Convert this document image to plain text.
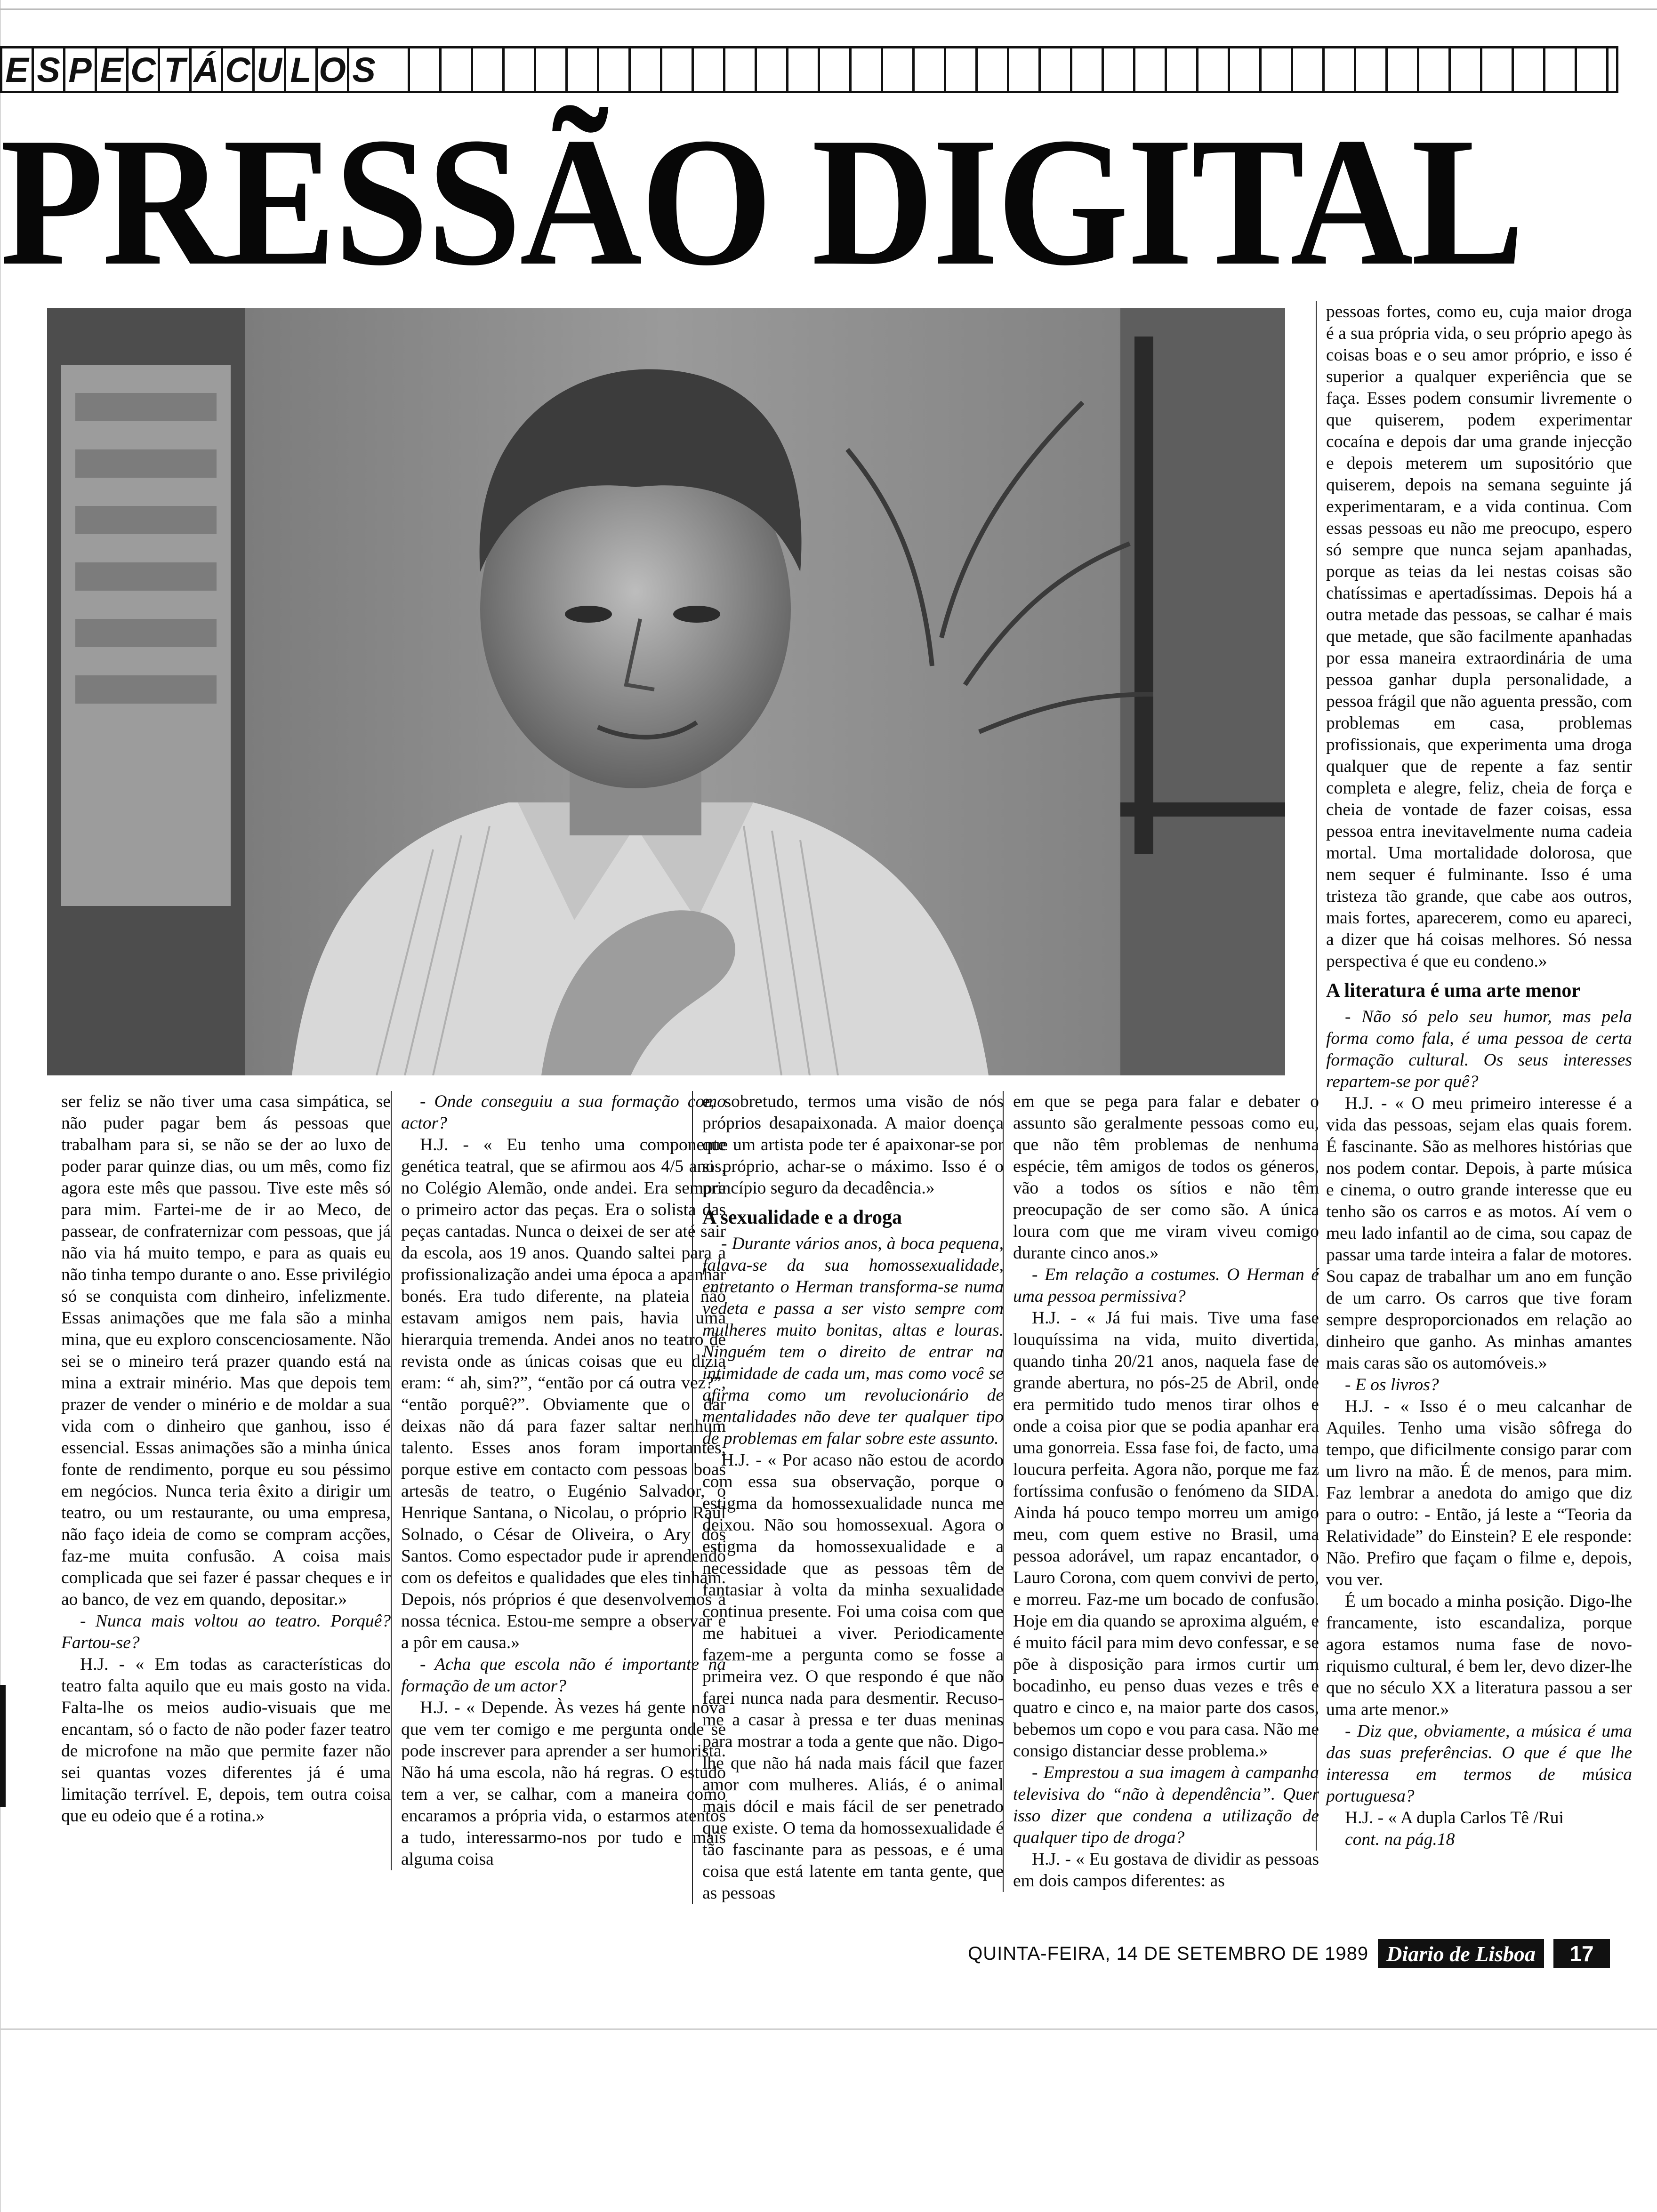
E S P E C T Á C U L O S
PRESSÃO DIGITAL

ser feliz se não tiver uma casa simpática, se não puder pagar bem ás pessoas que trabalham para si, se não se der ao luxo de poder parar quinze dias, ou um mês, como fiz agora este mês que passou. Tive este mês só para mim. Fartei-me de ir ao Meco, de passear, de confraternizar com pessoas, que já não via há muito tempo, e para as quais eu não tinha tempo durante o ano. Esse privilégio só se conquista com dinheiro, infelizmente. Essas animações que me fala são a minha mina, que eu exploro conscenciosamente. Não sei se o mineiro terá prazer quando está na mina a extrair minério. Mas que depois tem prazer de vender o minério e de moldar a sua vida com o dinheiro que ganhou, isso é essencial. Essas animações são a minha única fonte de rendimento, porque eu sou péssimo em negócios. Nunca teria êxito a dirigir um teatro, ou um restaurante, ou uma empresa, não faço ideia de como se compram acções, faz-me muita confusão. A coisa mais complicada que sei fazer é passar cheques e ir ao banco, de vez em quando, depositar.»

- Nunca mais voltou ao teatro. Porquê? Fartou-se?

H.J. - « Em todas as características do teatro falta aquilo que eu mais gosto na vida. Falta-lhe os meios audio-visuais que me encantam, só o facto de não poder fazer teatro de microfone na mão que permite fazer não sei quantas vozes diferentes já é uma limitação terrível. E, depois, tem outra coisa que eu odeio que é a rotina.»

- Onde conseguiu a sua formação como actor?

H.J. - « Eu tenho uma componente genética teatral, que se afirmou aos 4/5 anos, no Colégio Alemão, onde andei. Era sempre o primeiro actor das peças. Era o solista das peças cantadas. Nunca o deixei de ser até sair da escola, aos 19 anos. Quando saltei para a profissionalização andei uma época a apanhar bonés. Era tudo diferente, na plateia não estavam amigos nem pais, havia uma hierarquia tremenda. Andei anos no teatro de revista onde as únicas coisas que eu dizia eram: “ ah, sim?”, “então por cá outra vez?”, “então porquê?”. Obviamente que o dar deixas não dá para fazer saltar nenhum talento. Esses anos foram importantes, porque estive em contacto com pessoas boas artesãs de teatro, o Eugénio Salvador, o Henrique Santana, o Nicolau, o próprio Raúl Solnado, o César de Oliveira, o Ary dos Santos. Como espectador pude ir aprendendo com os defeitos e qualidades que eles tinham. Depois, nós próprios é que desenvolvemos a nossa técnica. Estou-me sempre a observar e a pôr em causa.»

- Acha que escola não é importante na formação de um actor?

H.J. - « Depende. Às vezes há gente nova que vem ter comigo e me pergunta onde se pode inscrever para aprender a ser humorista. Não há uma escola, não há regras. O estudo tem a ver, se calhar, com a maneira como encaramos a própria vida, o estarmos atentos a tudo, interessarmo-nos por tudo e mais alguma coisa

e, sobretudo, termos uma visão de nós próprios desapaixonada. A maior doença que um artista pode ter é apaixonar-se por si próprio, achar-se o máximo. Isso é o princípio seguro da decadência.»

A sexualidade e a droga

- Durante vários anos, à boca pequena, falava-se da sua homossexualidade, entretanto o Herman transforma-se numa vedeta e passa a ser visto sempre com mulheres muito bonitas, altas e louras. Ninguém tem o direito de entrar na intimidade de cada um, mas como você se afirma como um revolucionário de mentalidades não deve ter qualquer tipo de problemas em falar sobre este assunto.

H.J. - « Por acaso não estou de acordo com essa sua observação, porque o estigma da homossexualidade nunca me deixou. Não sou homossexual. Agora o estigma da homossexualidade e a necessidade que as pessoas têm de fantasiar à volta da minha sexualidade continua presente. Foi uma coisa com que me habituei a viver. Periodicamente fazem-me a pergunta como se fosse a primeira vez. O que respondo é que não farei nunca nada para desmentir. Recuso-me a casar à pressa e ter duas meninas para mostrar a toda a gente que não. Digo-lhe que não há nada mais fácil que fazer amor com mulheres. Aliás, é o animal mais dócil e mais fácil de ser penetrado que existe. O tema da homossexualidade é tão fascinante para as pessoas, e é uma coisa que está latente em tanta gente, que as pessoas

em que se pega para falar e debater o assunto são geralmente pessoas como eu, que não têm problemas de nenhuma espécie, têm amigos de todos os géneros, vão a todos os sítios e não têm preocupação de ser como são. A única loura com que me viram viveu comigo durante cinco anos.»

- Em relação a costumes. O Herman é uma pessoa permissiva?

H.J. - « Já fui mais. Tive uma fase louquíssima na vida, muito divertida, quando tinha 20/21 anos, naquela fase de grande abertura, no pós-25 de Abril, onde era permitido tudo menos tirar olhos e onde a coisa pior que se podia apanhar era uma gonorreia. Essa fase foi, de facto, uma loucura perfeita. Agora não, porque me faz fortíssima confusão o fenómeno da SIDA. Ainda há pouco tempo morreu um amigo meu, com quem estive no Brasil, uma pessoa adorável, um rapaz encantador, o Lauro Corona, com quem convivi de perto, e morreu. Faz-me um bocado de confusão. Hoje em dia quando se aproxima alguém, e é muito fácil para mim devo confessar, e se põe à disposição para irmos curtir um bocadinho, eu penso duas vezes e três e quatro e cinco e, na maior parte dos casos, bebemos um copo e vou para casa. Não me consigo distanciar desse problema.»

- Emprestou a sua imagem à campanha televisiva do “não à dependência”. Quer isso dizer que condena a utilização de qualquer tipo de droga?

H.J. - « Eu gostava de dividir as pessoas em dois campos diferentes: as

pessoas fortes, como eu, cuja maior droga é a sua própria vida, o seu próprio apego às coisas boas e o seu amor próprio, e isso é superior a qualquer experiência que se faça. Esses podem consumir livremente o que quiserem, podem experimentar cocaína e depois dar uma grande injecção e depois meterem um supositório que quiserem, depois na semana seguinte já experimentaram, e a vida continua. Com essas pessoas eu não me preocupo, espero só sempre que nunca sejam apanhadas, porque as teias da lei nestas coisas são chatíssimas e apertadíssimas. Depois há a outra metade das pessoas, se calhar é mais que metade, que são facilmente apanhadas por essa maneira extraordinária de uma pessoa ganhar dupla personalidade, a pessoa frágil que não aguenta pressão, com problemas em casa, problemas profissionais, que experimenta uma droga qualquer que de repente a faz sentir completa e alegre, feliz, cheia de força e cheia de vontade de fazer coisas, essa pessoa entra inevitavelmente numa cadeia mortal. Uma mortalidade dolorosa, que nem sequer é fulminante. Isso é uma tristeza tão grande, que cabe aos outros, mais fortes, aparecerem, como eu apareci, a dizer que há coisas melhores. Só nessa perspectiva é que eu condeno.»

A literatura é uma arte menor

- Não só pelo seu humor, mas pela forma como fala, é uma pessoa de certa formação cultural. Os seus interesses repartem-se por quê?

H.J. - « O meu primeiro interesse é a vida das pessoas, sejam elas quais forem. É fascinante. São as melhores histórias que nos podem contar. Depois, à parte música e cinema, o outro grande interesse que eu tenho são os carros e as motos. Aí vem o meu lado infantil ao de cima, sou capaz de passar uma tarde inteira a falar de motores. Sou capaz de trabalhar um ano em função de um carro. Os carros que tive foram sempre desproporcionados em relação ao dinheiro que ganho. As minhas amantes mais caras são os automóveis.»

- E os livros?

H.J. - « Isso é o meu calcanhar de Aquiles. Tenho uma visão sôfrega do tempo, que dificilmente consigo parar com um livro na mão. É de menos, para mim. Faz lembrar a anedota do amigo que diz para o outro: - Então, já leste a “Teoria da Relatividade” do Einstein? E ele responde: Não. Prefiro que façam o filme e, depois, vou ver.

É um bocado a minha posição. Digo-lhe francamente, isto escandaliza, porque agora estamos numa fase de novo-riquismo cultural, é bem ler, devo dizer-lhe que no século XX a literatura passou a ser uma arte menor.»

- Diz que, obviamente, a música é uma das suas preferências. O que é que lhe interessa em termos de música portuguesa?

H.J. - « A dupla Carlos Tê /Rui

cont. na pág.18

QUINTA-FEIRA, 14 DE SETEMBRO DE 1989 Diario de Lisboa	17
